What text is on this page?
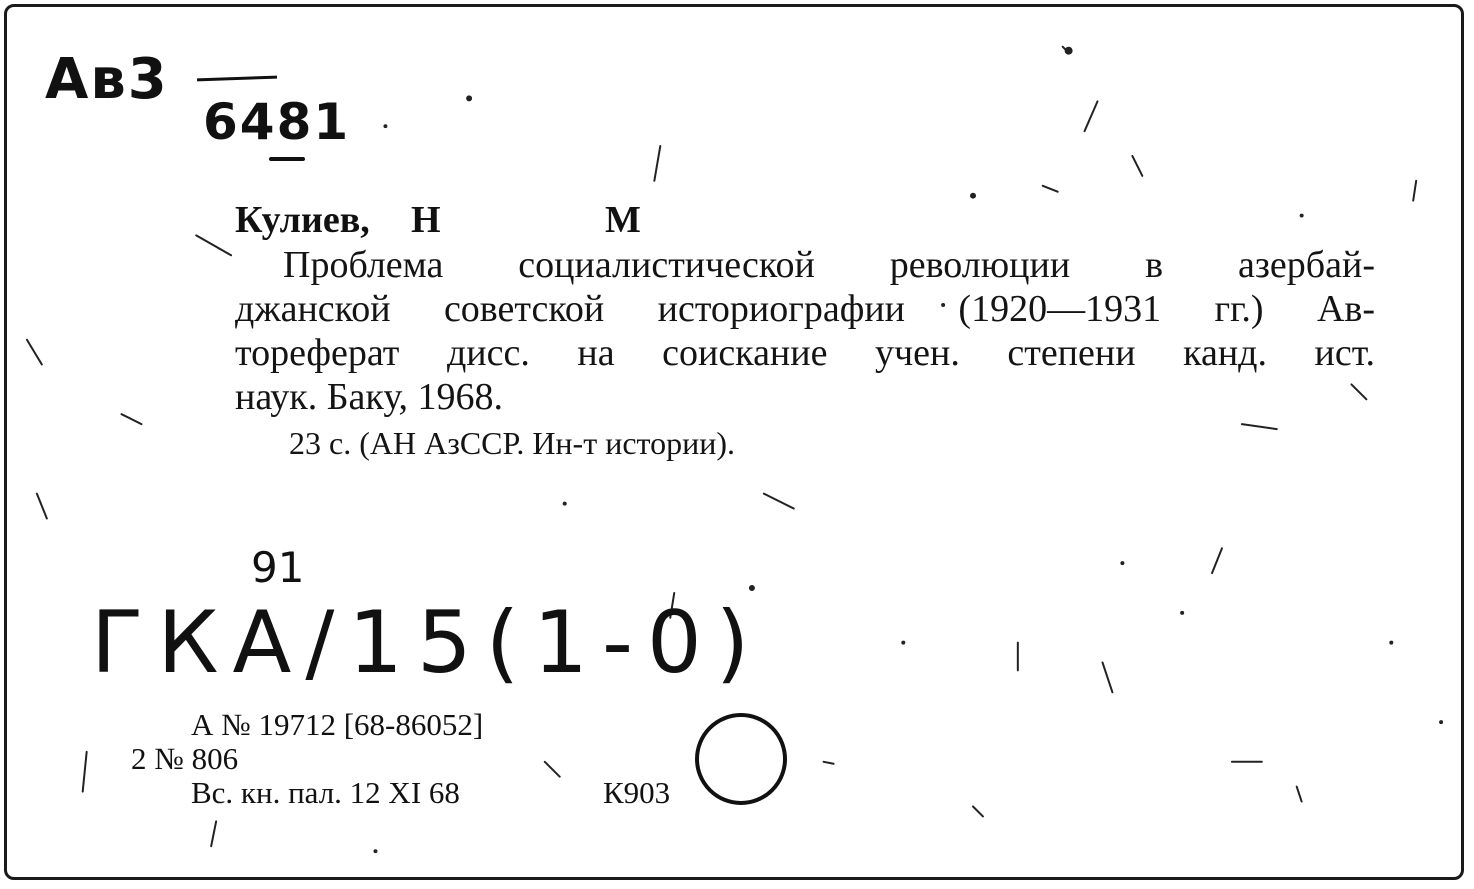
Ав3
6481
Кулиев, Н	М
Проблема социалистической революции в азербай-
джанской советской историографии (1920—1931 гг.) Ав-
тореферат дисс. на соискание учен. степени канд. ист.
наук. Баку, 1968.
23 с. (АН АзССР. Ин-т истории).
91
ГКА/15(1-0)
А № 19712 [68-86052]
2 № 806
Вс. кн. пал. 12 XI 68	К903
